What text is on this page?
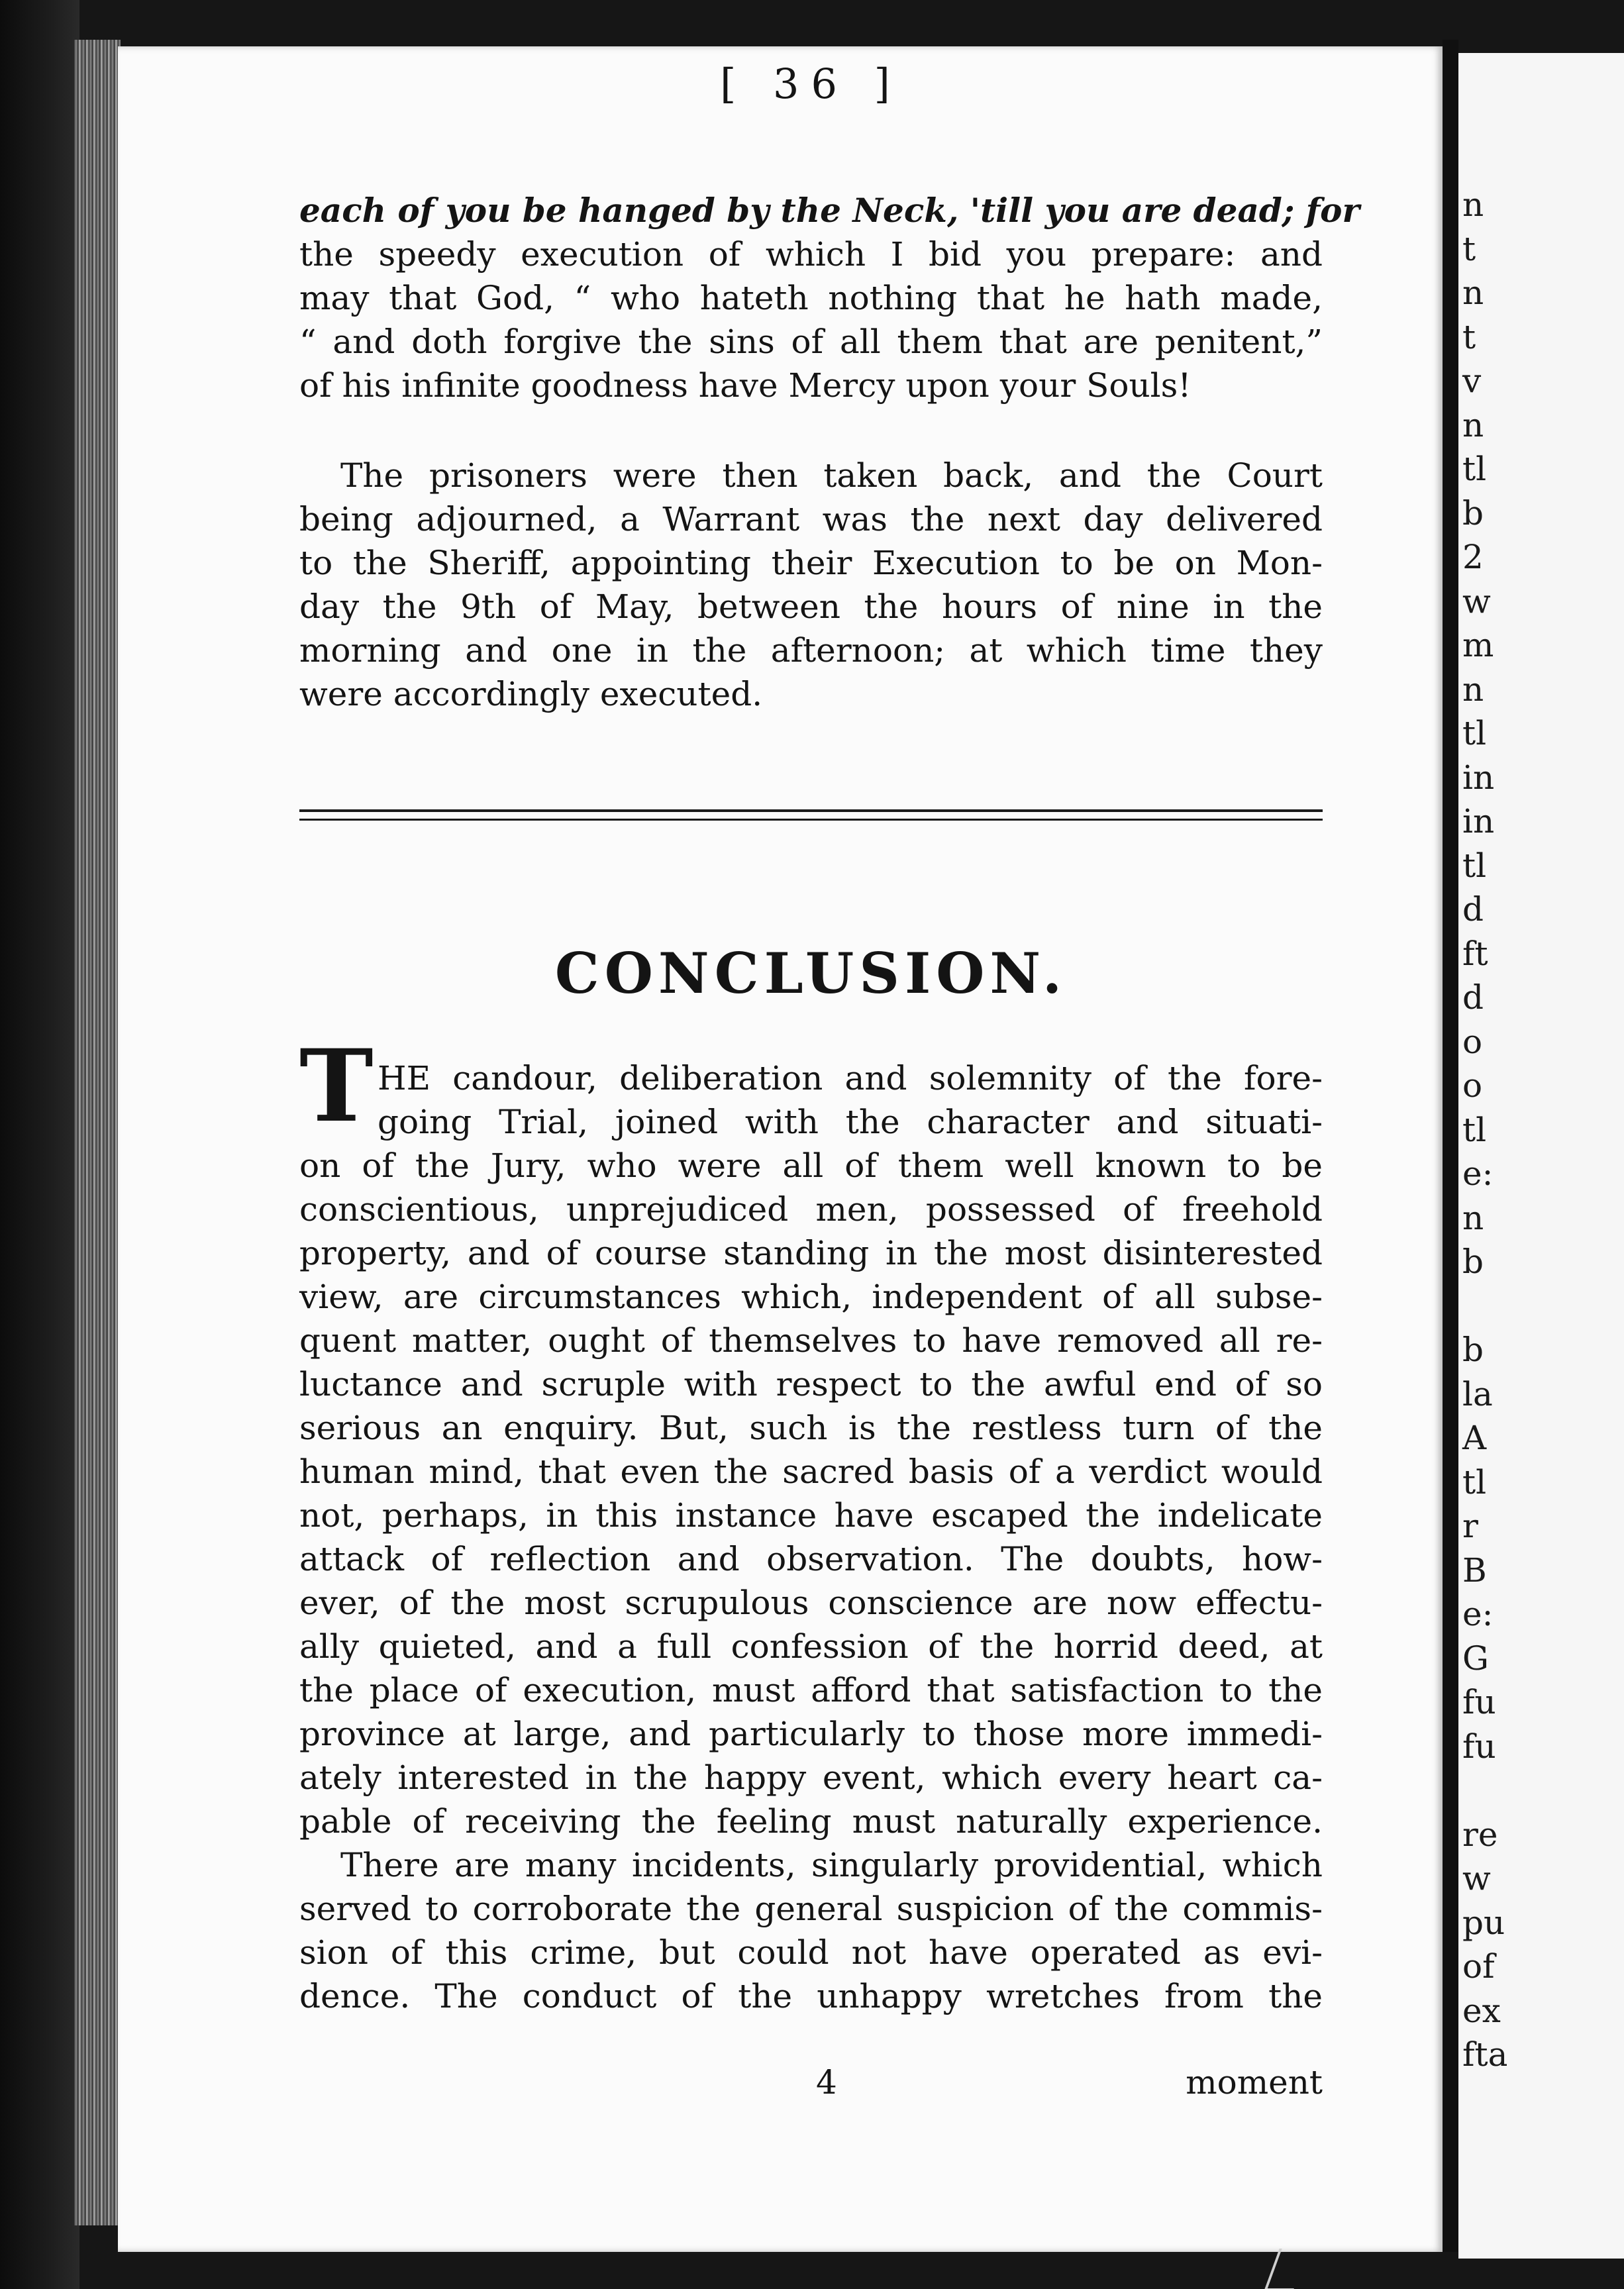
n
t
n
t
v
n
tl
b
2
w
m
n
tl
in
in
tl
d
ft
d
o
o
tl
e:
n
b
b
la
A
tl
r
B
e:
G
fu
fu
re
w
pu
of
ex
fta
[ 36 ]
each of you be hanged by the Neck, 'till you are dead; for
the speedy execution of which I bid you prepare: and
may that God, “ who hateth nothing that he hath made,
“ and doth forgive the sins of all them that are penitent,”
of his infinite goodness have Mercy upon your Souls!
The prisoners were then taken back, and the Court
being adjourned, a Warrant was the next day delivered
to the Sheriff, appointing their Execution to be on Mon-
day the 9th of May, between the hours of nine in the
morning and one in the afternoon; at which time they
were accordingly executed.
CONCLUSION.
T HE candour, deliberation and solemnity of the fore-
going Trial, joined with the character and situati-
on of the Jury, who were all of them well known to be
conscientious, unprejudiced men, possessed of freehold
property, and of course standing in the most disinterested
view, are circumstances which, independent of all subse-
quent matter, ought of themselves to have removed all re-
luctance and scruple with respect to the awful end of so
serious an enquiry. But, such is the restless turn of the
human mind, that even the sacred basis of a verdict would
not, perhaps, in this instance have escaped the indelicate
attack of reflection and observation. The doubts, how-
ever, of the most scrupulous conscience are now effectu-
ally quieted, and a full confession of the horrid deed, at
the place of execution, must afford that satisfaction to the
province at large, and particularly to those more immedi-
ately interested in the happy event, which every heart ca-
pable of receiving the feeling must naturally experience.
There are many incidents, singularly providential, which
served to corroborate the general suspicion of the commis-
sion of this crime, but could not have operated as evi-
dence. The conduct of the unhappy wretches from the
4	moment
